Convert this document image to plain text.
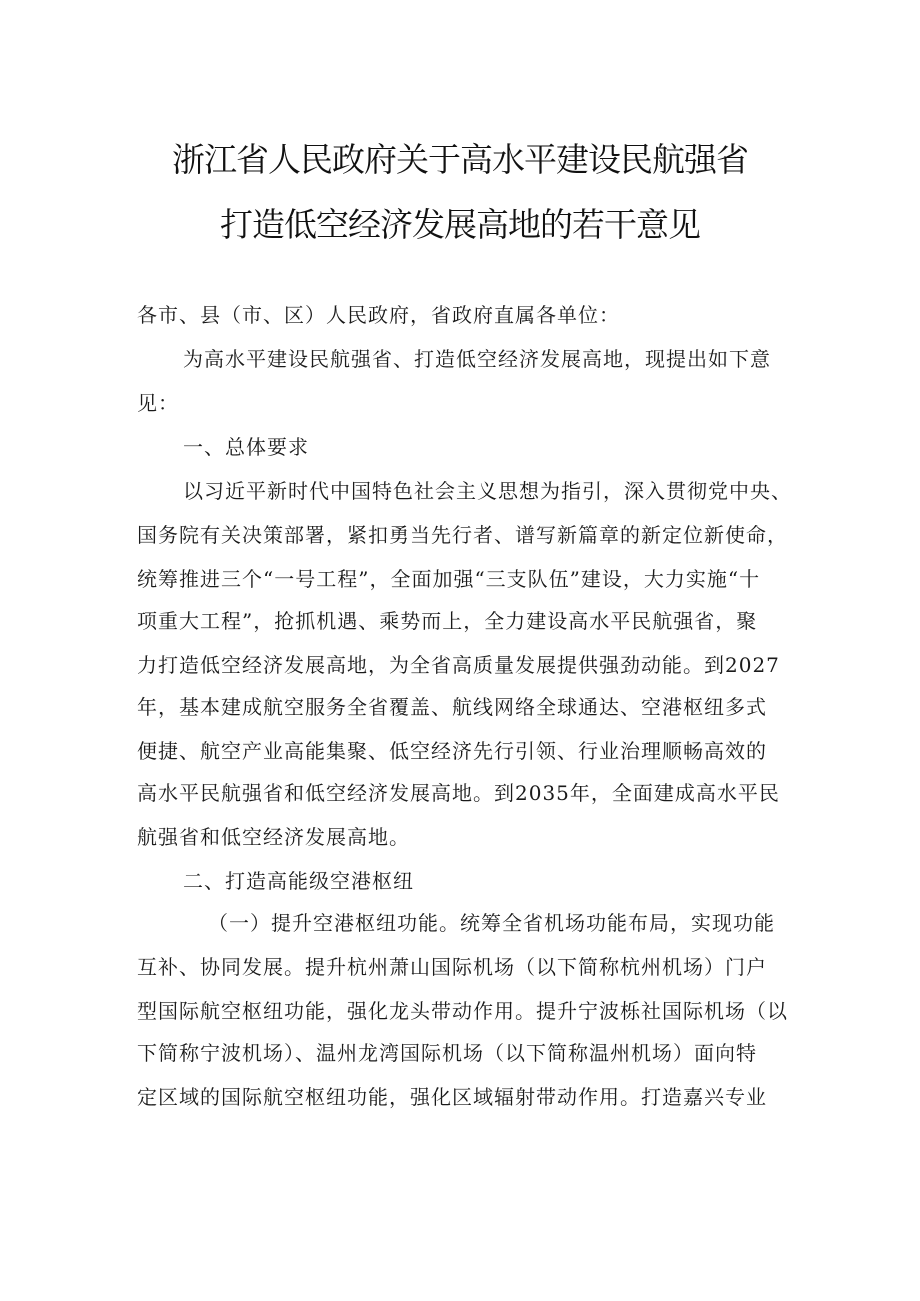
浙江省人民政府关于高水平建设民航强省
打造低空经济发展高地的若干意见
各市、县（市、区）人民政府，省政府直属各单位：
为高水平建设民航强省、打造低空经济发展高地，现提出如下意
见：
一、总体要求
以习近平新时代中国特色社会主义思想为指引，深入贯彻党中央、
国务院有关决策部署，紧扣勇当先行者、谱写新篇章的新定位新使命，
统筹推进三个“一号工程”，全面加强“三支队伍”建设，大力实施“十
项重大工程”，抢抓机遇、乘势而上，全力建设高水平民航强省，聚
力打造低空经济发展高地，为全省高质量发展提供强劲动能。到2027
年，基本建成航空服务全省覆盖、航线网络全球通达、空港枢纽多式
便捷、航空产业高能集聚、低空经济先行引领、行业治理顺畅高效的
高水平民航强省和低空经济发展高地。到2035年，全面建成高水平民
航强省和低空经济发展高地。
二、打造高能级空港枢纽
（一）提升空港枢纽功能。统筹全省机场功能布局，实现功能
互补、协同发展。提升杭州萧山国际机场（以下简称杭州机场）门户
型国际航空枢纽功能，强化龙头带动作用。提升宁波栎社国际机场（以
下简称宁波机场）、温州龙湾国际机场（以下简称温州机场）面向特
定区域的国际航空枢纽功能，强化区域辐射带动作用。打造嘉兴专业
